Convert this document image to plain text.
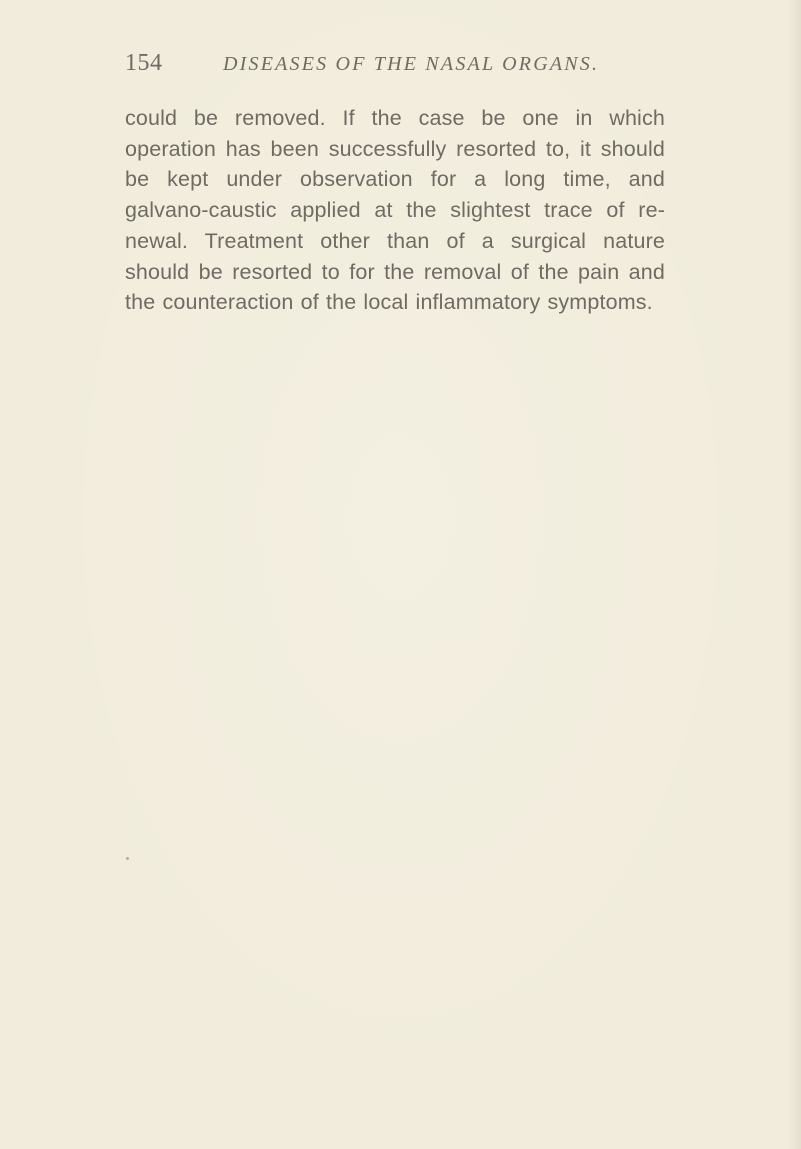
154	DISEASES OF THE NASAL ORGANS.

could be removed. If the case be one in which operation has been successfully resorted to, it should be kept under observation for a long time, and galvano-caustic applied at the slightest trace of re-newal. Treatment other than of a surgical nature should be resorted to for the removal of the pain and the counteraction of the local inflammatory symptoms.
